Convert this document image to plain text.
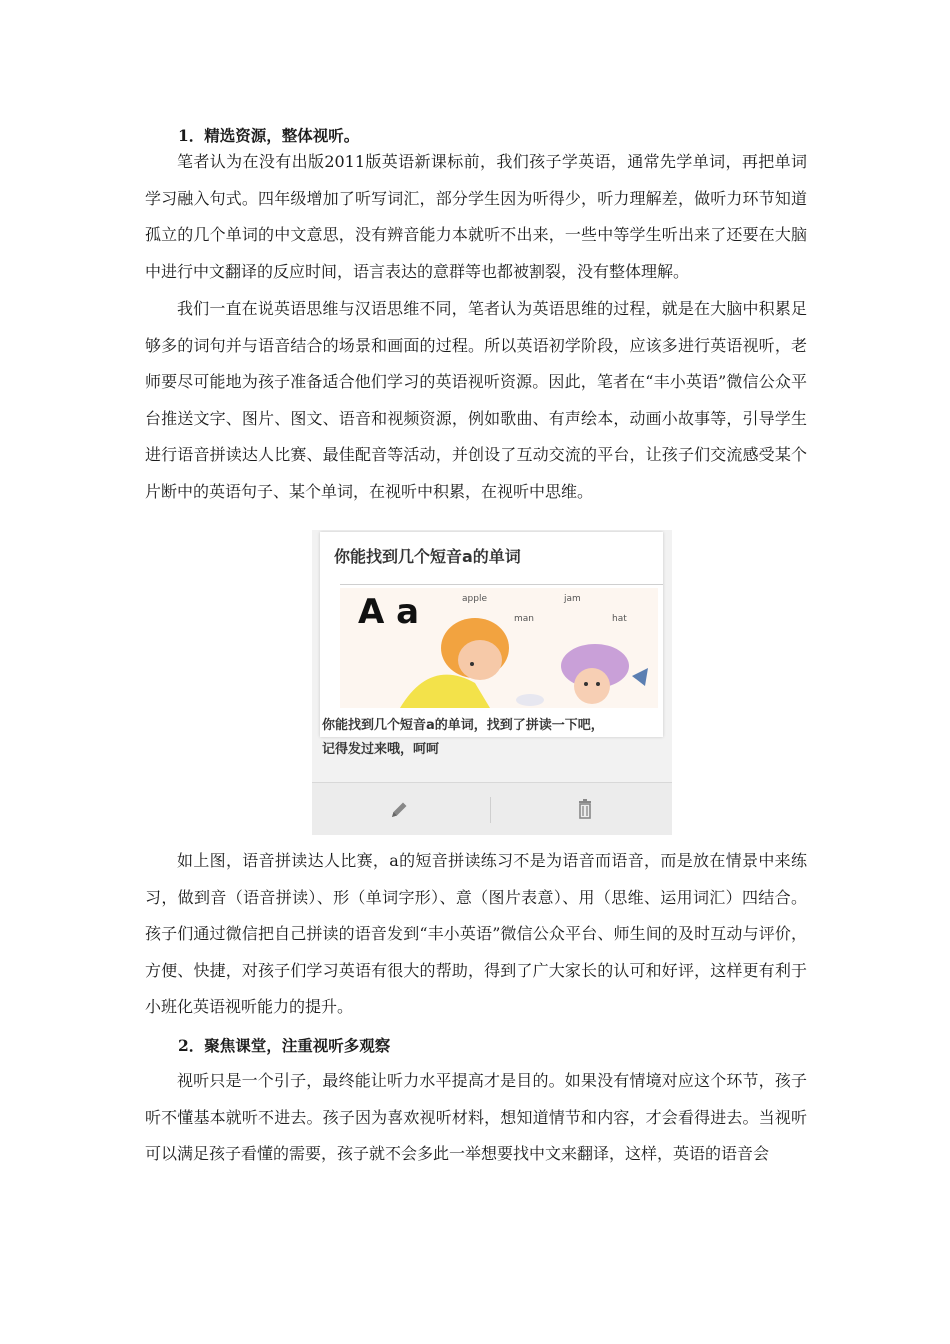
1．精选资源，整体视听。

笔者认为在没有出版2011版英语新课标前，我们孩子学英语，通常先学单词，再把单词学习融入句式。四年级增加了听写词汇，部分学生因为听得少，听力理解差，做听力环节知道孤立的几个单词的中文意思，没有辨音能力本就听不出来，一些中等学生听出来了还要在大脑中进行中文翻译的反应时间，语言表达的意群等也都被割裂，没有整体理解。

我们一直在说英语思维与汉语思维不同，笔者认为英语思维的过程，就是在大脑中积累足够多的词句并与语音结合的场景和画面的过程。所以英语初学阶段，应该多进行英语视听，老师要尽可能地为孩子准备适合他们学习的英语视听资源。因此，笔者在“丰小英语”微信公众平台推送文字、图片、图文、语音和视频资源，例如歌曲、有声绘本，动画小故事等，引导学生进行语音拼读达人比赛、最佳配音等活动，并创设了互动交流的平台，让孩子们交流感受某个片断中的英语句子、某个单词，在视听中积累，在视听中思维。

你能找到几个短音a的单词
A a	apple	jam
man	hat
你能找到几个短音a的单词，找到了拼读一下吧，
记得发过来哦，呵呵

如上图，语音拼读达人比赛，a的短音拼读练习不是为语音而语音，而是放在情景中来练习，做到音（语音拼读）、形（单词字形）、意（图片表意）、用（思维、运用词汇）四结合。孩子们通过微信把自己拼读的语音发到“丰小英语”微信公众平台、师生间的及时互动与评价，方便、快捷，对孩子们学习英语有很大的帮助，得到了广大家长的认可和好评，这样更有利于小班化英语视听能力的提升。

2．聚焦课堂，注重视听多观察

视听只是一个引子，最终能让听力水平提高才是目的。如果没有情境对应这个环节，孩子听不懂基本就听不进去。孩子因为喜欢视听材料，想知道情节和内容，才会看得进去。当视听可以满足孩子看懂的需要，孩子就不会多此一举想要找中文来翻译，这样，英语的语音会
